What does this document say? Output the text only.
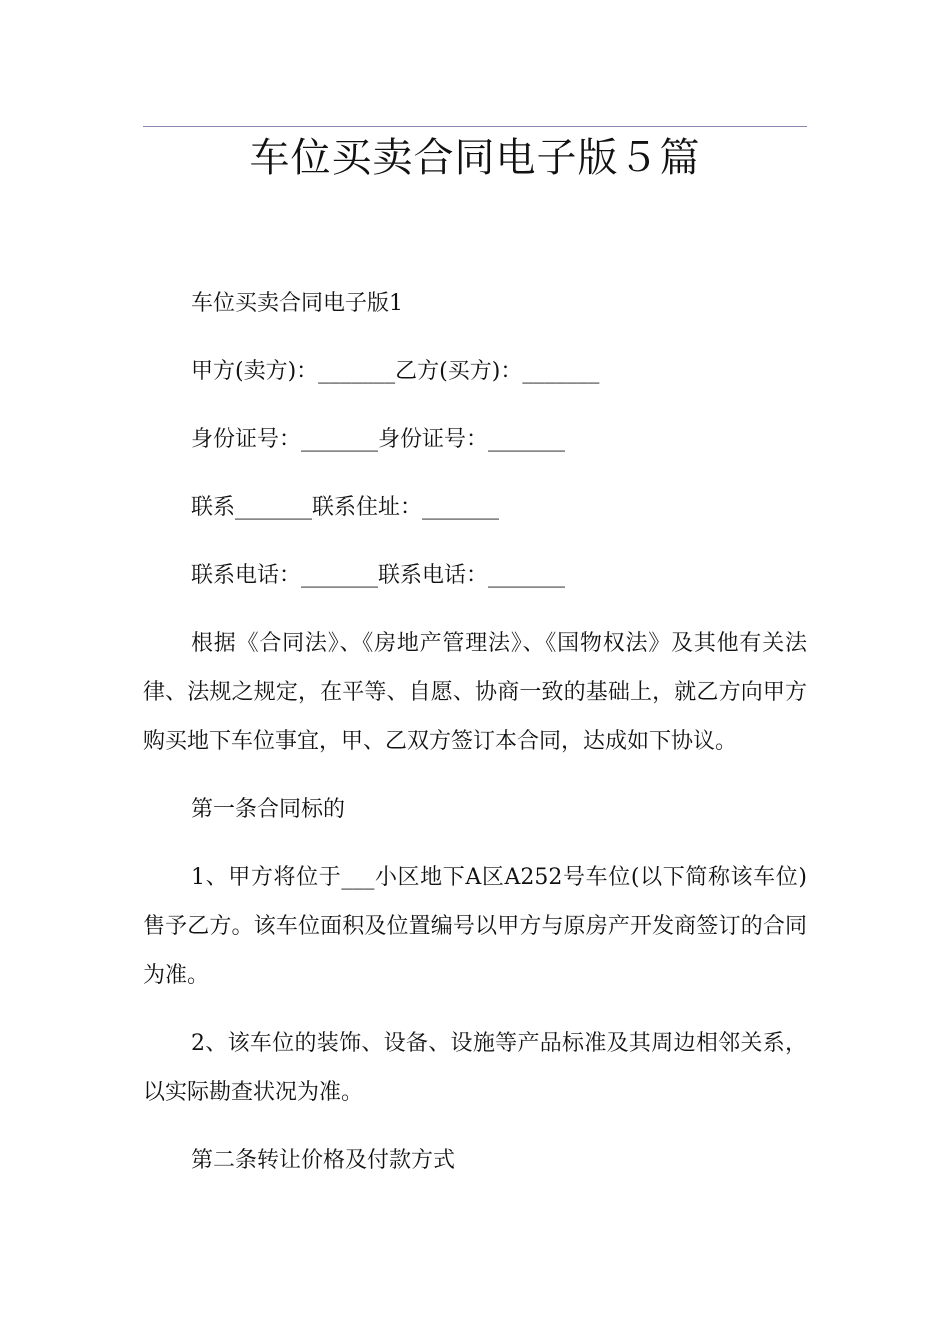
车位买卖合同电子版５篇

车位买卖合同电子版1

甲方(卖方)：_______乙方(买方)：_______

身份证号：_______身份证号：_______

联系_______联系住址：_______

联系电话：_______联系电话：_______

根据《合同法》、《房地产管理法》、《国物权法》及其他有关法律、法规之规定，在平等、自愿、协商一致的基础上，就乙方向甲方购买地下车位事宜，甲、乙双方签订本合同，达成如下协议。

第一条合同标的

1、甲方将位于___小区地下A区A252号车位(以下简称该车位)售予乙方。该车位面积及位置编号以甲方与原房产开发商签订的合同为准。

2、该车位的装饰、设备、设施等产品标准及其周边相邻关系，以实际勘查状况为准。

第二条转让价格及付款方式
